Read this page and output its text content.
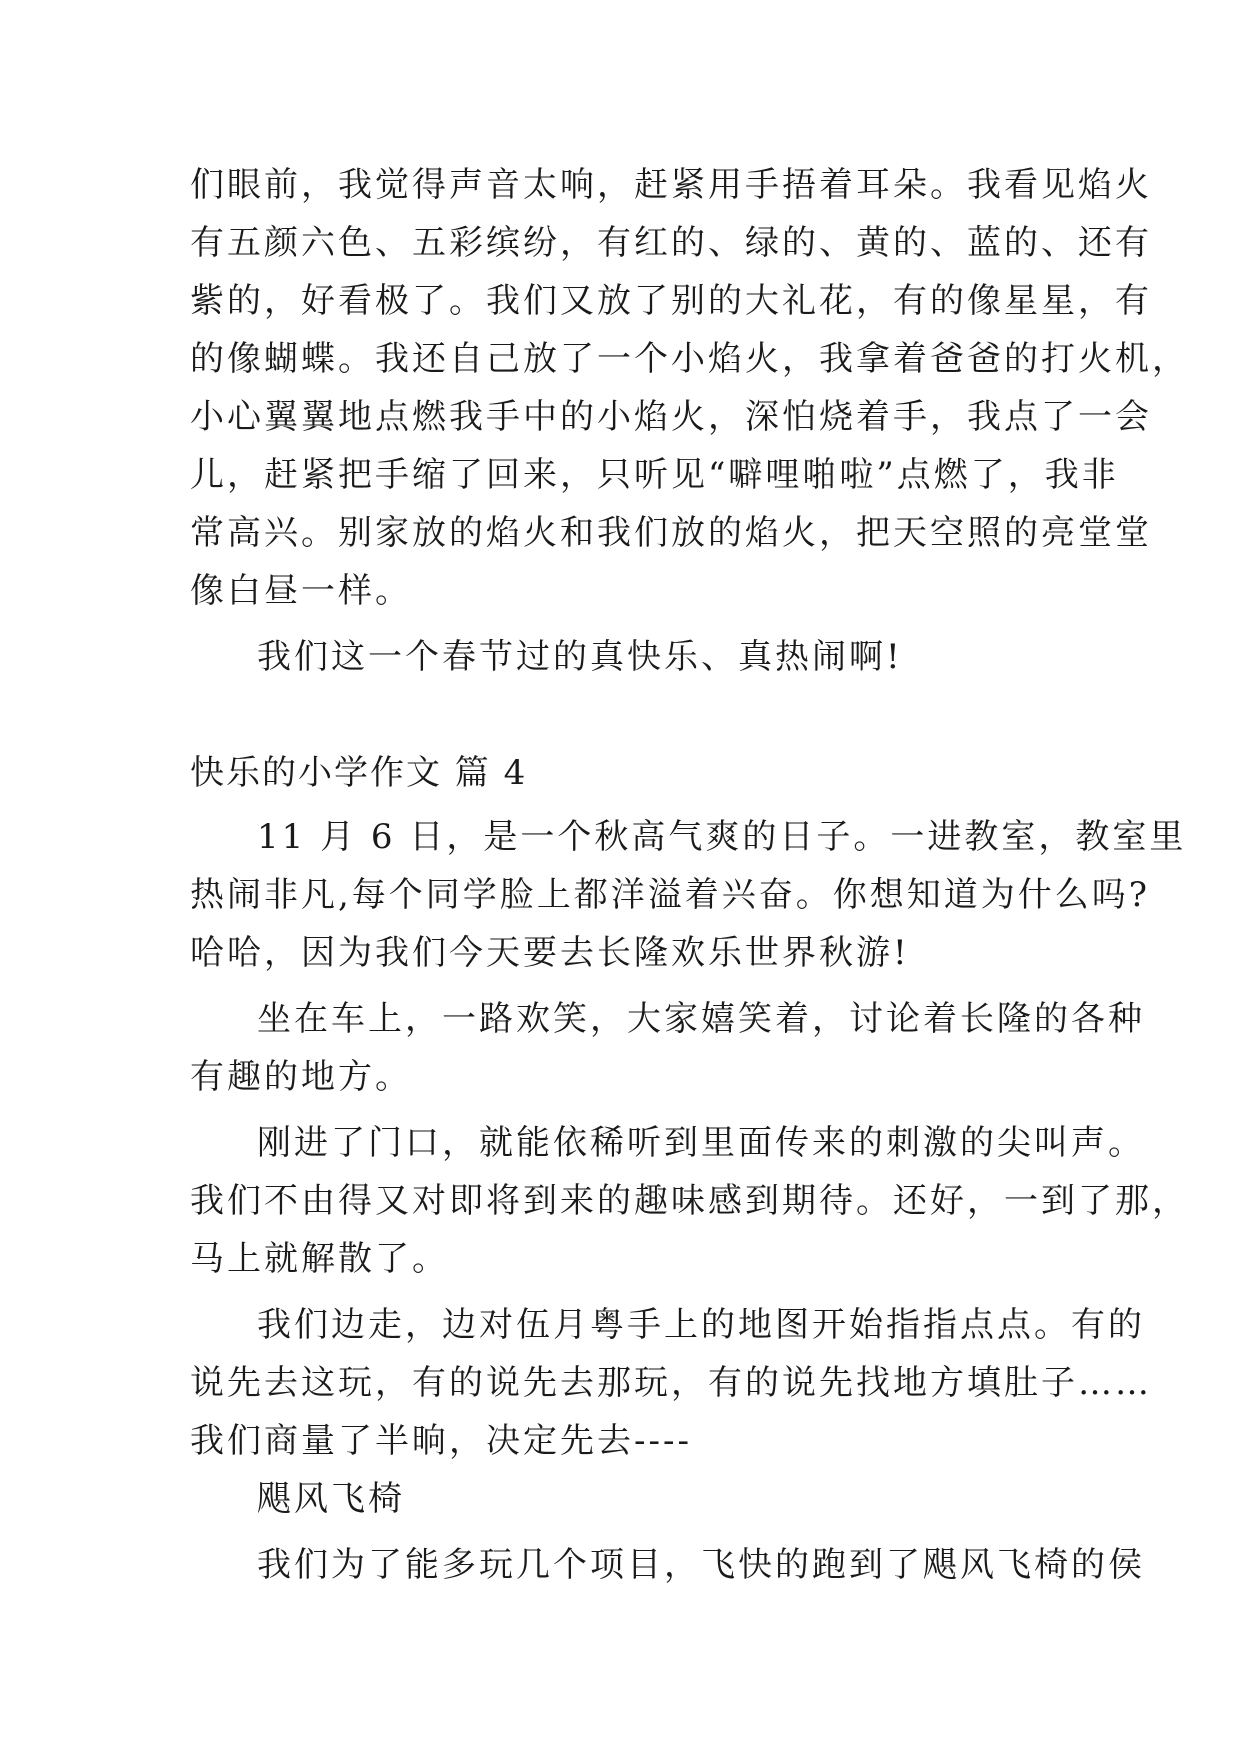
们眼前，我觉得声音太响，赶紧用手捂着耳朵。我看见焰火

有五颜六色、五彩缤纷，有红的、绿的、黄的、蓝的、还有

紫的，好看极了。我们又放了别的大礼花，有的像星星，有

的像蝴蝶。我还自己放了一个小焰火，我拿着爸爸的打火机，

小心翼翼地点燃我手中的小焰火，深怕烧着手，我点了一会

儿，赶紧把手缩了回来，只听见“噼哩啪啦”点燃了，我非

常高兴。别家放的焰火和我们放的焰火，把天空照的亮堂堂

像白昼一样。

我们这一个春节过的真快乐、真热闹啊!

快乐的小学作文 篇 4

11 月 6 日，是一个秋高气爽的日子。一进教室，教室里

热闹非凡,每个同学脸上都洋溢着兴奋。你想知道为什么吗?

哈哈，因为我们今天要去长隆欢乐世界秋游!

坐在车上，一路欢笑，大家嬉笑着，讨论着长隆的各种

有趣的地方。

刚进了门口，就能依稀听到里面传来的刺激的尖叫声。

我们不由得又对即将到来的趣味感到期待。还好，一到了那，

马上就解散了。

我们边走，边对伍月粤手上的地图开始指指点点。有的

说先去这玩，有的说先去那玩，有的说先找地方填肚子……

我们商量了半晌，决定先去----

飓风飞椅

我们为了能多玩几个项目，飞快的跑到了飓风飞椅的侯
